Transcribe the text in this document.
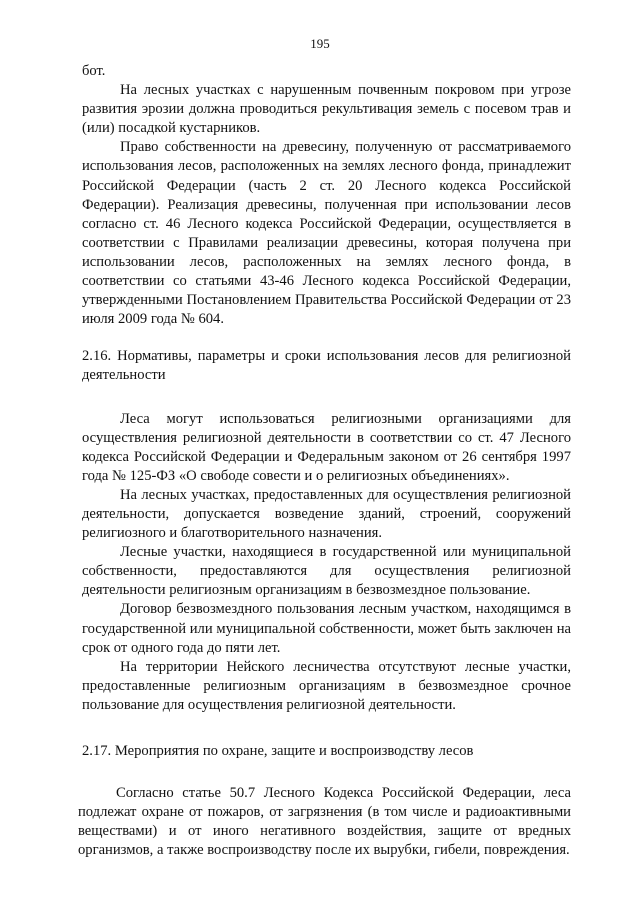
195

бот.

На лесных участках с нарушенным почвенным покровом при угрозе развития эрозии должна проводиться рекультивация земель с посевом трав и (или) посадкой кустарников.

Право собственности на древесину, полученную от рассматриваемого использования лесов, расположенных на землях лесного фонда, принадлежит Российской Федерации (часть 2 ст. 20 Лесного кодекса Российской Федерации). Реализация древесины, полученная при использовании лесов согласно ст. 46 Лесного кодекса Российской Федерации, осуществляется в соответствии с Правилами реализации древесины, которая получена при использовании лесов, расположенных на землях лесного фонда, в соответствии со статьями 43-46 Лесного кодекса Российской Федерации, утвержденными Постановлением Правительства Российской Федерации от 23 июля 2009 года № 604.

2.16. Нормативы, параметры и сроки использования лесов для религиозной деятельности

Леса могут использоваться религиозными организациями для осуществления религиозной деятельности в соответствии со ст. 47 Лесного кодекса Российской Федерации и Федеральным законом от 26 сентября 1997 года № 125-ФЗ «О свободе совести и о религиозных объединениях».

На лесных участках, предоставленных для осуществления религиозной деятельности, допускается возведение зданий, строений, сооружений религиозного и благотворительного назначения.

Лесные участки, находящиеся в государственной или муниципальной собственности, предоставляются для осуществления религиозной деятельности религиозным организациям в безвозмездное пользование.

Договор безвозмездного пользования лесным участком, находящимся в государственной или муниципальной собственности, может быть заключен на срок от одного года до пяти лет.

На территории Нейского лесничества отсутствуют лесные участки, предоставленные религиозным организациям в безвозмездное срочное пользование для осуществления религиозной деятельности.

2.17. Мероприятия по охране, защите и воспроизводству лесов

Согласно статье 50.7 Лесного Кодекса Российской Федерации, леса подлежат охране от пожаров, от загрязнения (в том числе и радиоактивными веществами) и от иного негативного воздействия, защите от вредных организмов, а также воспроизводству после их вырубки, гибели, повреждения.
